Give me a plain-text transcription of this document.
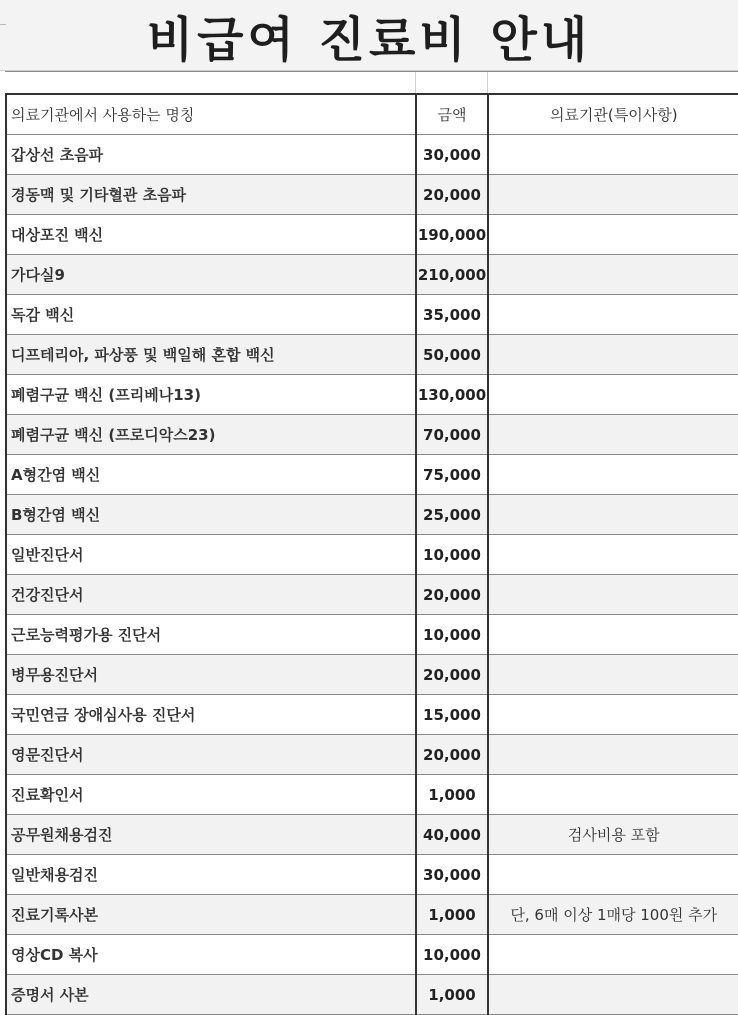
비급여 진료비 안내
의료기관에서 사용하는 명칭	금액	의료기관(특이사항)
갑상선 초음파	30,000	
경동맥 및 기타혈관 초음파	20,000	
대상포진 백신	190,000	
가다실9	210,000	
독감 백신	35,000	
디프테리아, 파상풍 및 백일해 혼합 백신	50,000	
폐렴구균 백신 (프리베나13)	130,000	
폐렴구균 백신 (프로디악스23)	70,000	
A형간염 백신	75,000	
B형간염 백신	25,000	
일반진단서	10,000	
건강진단서	20,000	
근로능력평가용 진단서	10,000	
병무용진단서	20,000	
국민연금 장애심사용 진단서	15,000	
영문진단서	20,000	
진료확인서	1,000	
공무원채용검진	40,000	검사비용 포함
일반채용검진	30,000	
진료기록사본	1,000	단, 6매 이상 1매당 100원 추가
영상CD 복사	10,000	
증명서 사본	1,000	
